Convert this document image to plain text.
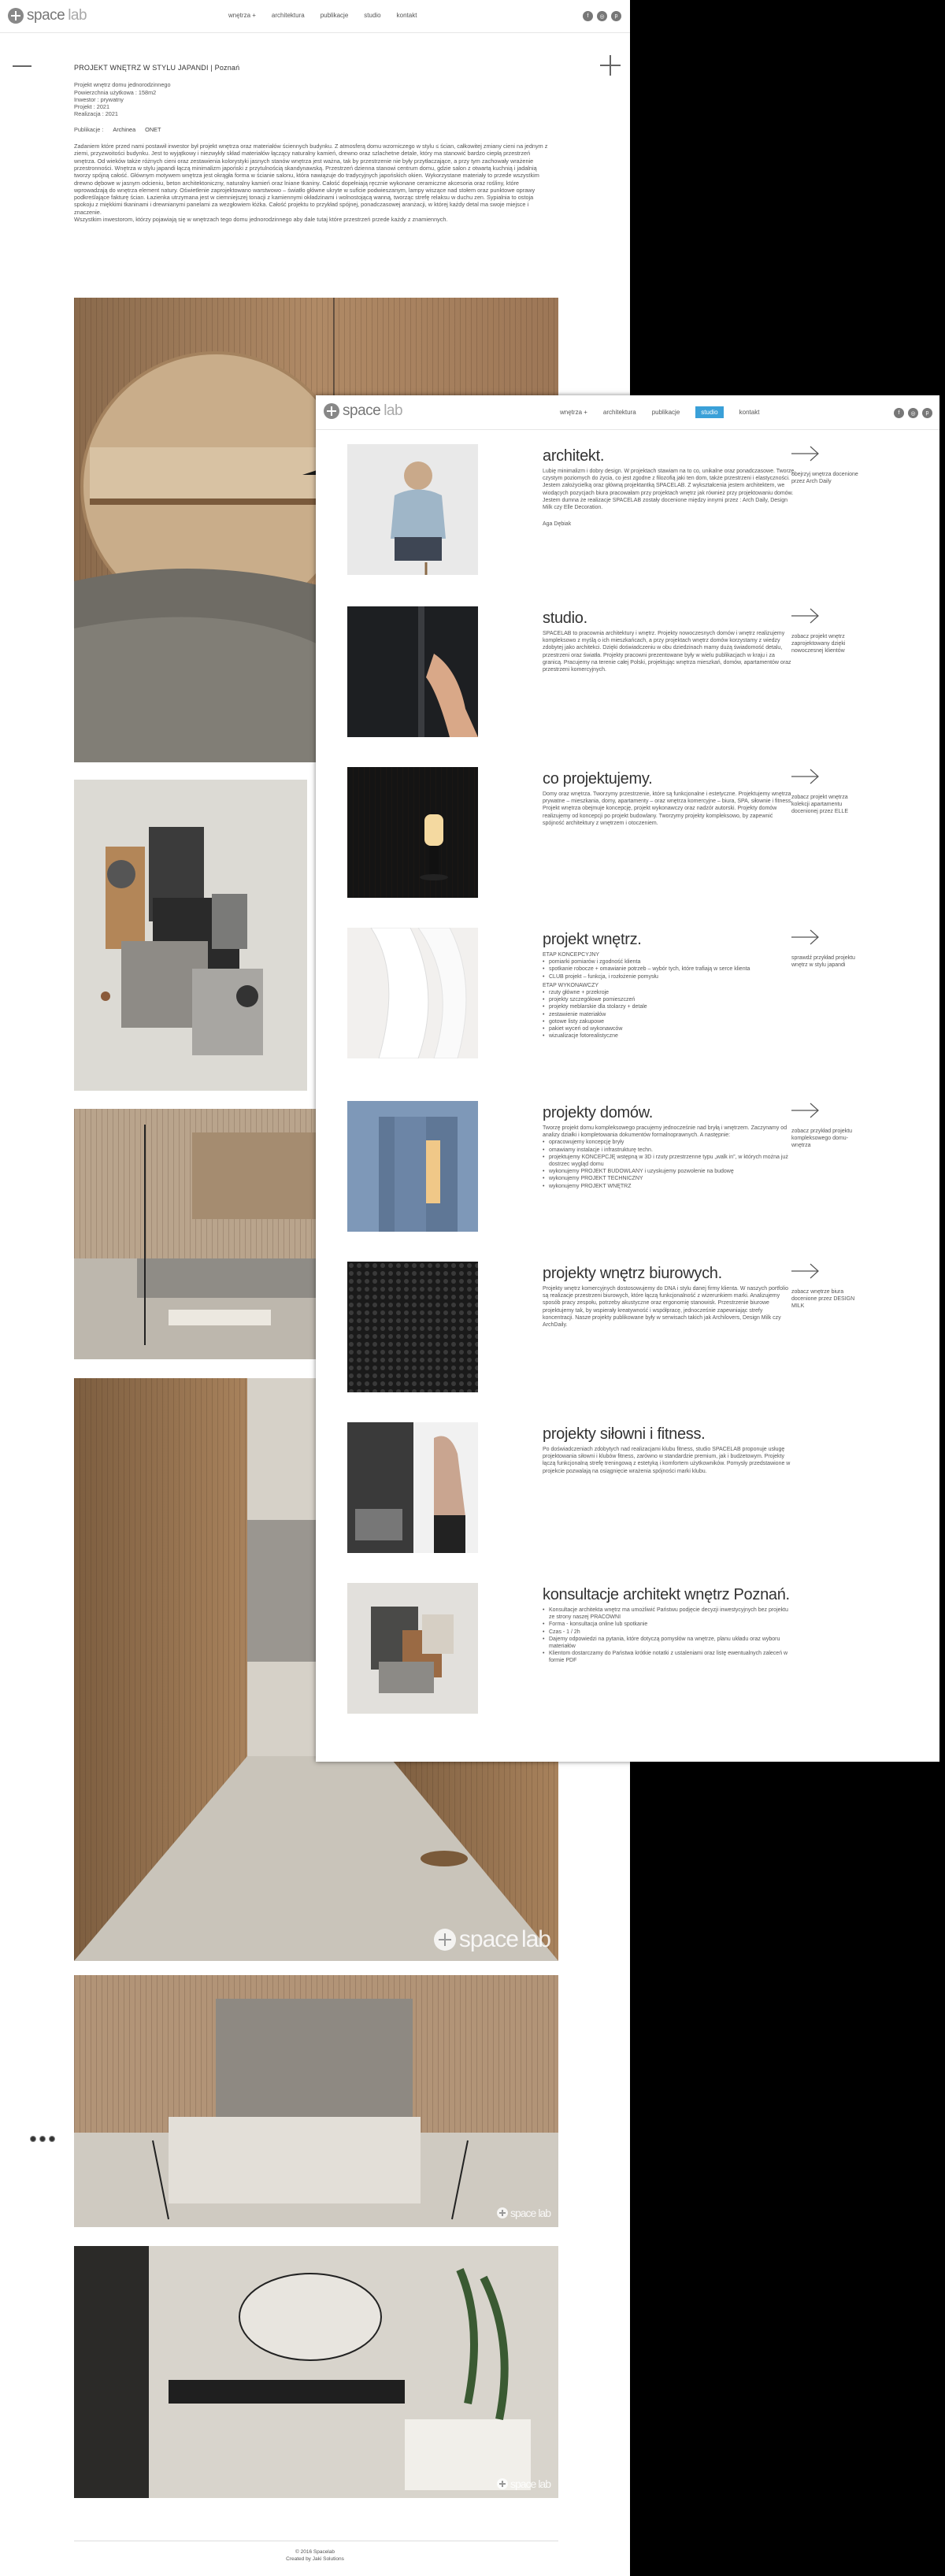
space lab	wnętrza +	architektura	publikacje	studio	kontakt	f	◎	p
PROJEKT WNĘTRZ W STYLU JAPANDI | Poznań
Projekt wnętrz domu jednorodzinnego
Powierzchnia użytkowa : 158m2
Inwestor : prywatny
Projekt : 2021
Realizacja : 2021
Publikacje : Archinea ONET

Zadaniem które przed nami postawił inwestor był projekt wnętrza oraz materiałów ściennych budynku. Z atmosferą domu wzorniczego w stylu ≤ ścian, całkowitej zmiany cieni na jednym z ziemi, przyzwoitości budynku. Jest to wyjątkowy i niezwykły skład materiałów łączący naturalny kamień, drewno oraz szlachetne detale, który ma stanowić bardzo ciepłą przestrzeń wnętrza. Od wieków także różnych cieni oraz zestawienia kolorystyki jasnych stanów wnętrza jest ważna, tak by przestrzenie nie były przytłaczające, a przy tym zachowały wrażenie przestronności. Wnętrza w stylu japandi łączą minimalizm japoński z przytulnością skandynawską. Przestrzeń dzienna stanowi centrum domu, gdzie salon z otwartą kuchnią i jadalnią tworzy spójną całość. Głównym motywem wnętrza jest okrągła forma w ścianie salonu, która nawiązuje do tradycyjnych japońskich okien. Wykorzystane materiały to przede wszystkim drewno dębowe w jasnym odcieniu, beton architektoniczny, naturalny kamień oraz lniane tkaniny. Całość dopełniają ręcznie wykonane ceramiczne akcesoria oraz rośliny, które wprowadzają do wnętrza element natury. Oświetlenie zaprojektowano warstwowo – światło główne ukryte w suficie podwieszanym, lampy wiszące nad stołem oraz punktowe oprawy podkreślające fakturę ścian. Łazienka utrzymana jest w ciemniejszej tonacji z kamiennymi okładzinami i wolnostojącą wanną, tworząc strefę relaksu w duchu zen. Sypialnia to ostoja spokoju z miękkimi tkaninami i drewnianymi panelami za wezgłowiem łóżka. Całość projektu to przykład spójnej, ponadczasowej aranżacji, w której każdy detal ma swoje miejsce i znaczenie.

Wszystkim inwestorom, którzy pojawiają się w wnętrzach tego domu jednorodzinnego aby dale tutaj które przestrzeń przede każdy z znamiennych.

space lab
space lab
space lab
© 2016 Spacelab
Created by Jaki Solutions
space lab	wnętrza +	architektura	publikacje	studio	kontakt	f	◎	p
architekt.
Lubię minimalizm i dobry design. W projektach stawiam na to co, unikalne oraz ponadczasowe. Tworzę czystym poziomych do życia, co jest zgodne z filozofią jaki ten dom, także przestrzeni i elastyczności. Jestem założycielką oraz główną projektantką SPACELAB. Z wykształcenia jestem architektem, we wiodących pozycjach biura pracowałam przy projektach wnętrz jak również przy projektowaniu domów. Jestem dumna że realizacje SPACELAB zostały docenione między innymi przez : Arch Daily, Design Milk czy Elle Decoration.
Aga Dębiak
obejrzyj wnętrza docenione przez Arch Daily
studio.
SPACELAB to pracownia architektury i wnętrz. Projekty nowoczesnych domów i wnętrz realizujemy kompleksowo z myślą o ich mieszkańcach, a przy projektach wnętrz domów korzystamy z wiedzy zdobytej jako architekci. Dzięki doświadczeniu w obu dziedzinach mamy dużą świadomość detalu, przestrzeni oraz światła. Projekty pracowni prezentowane były w wielu publikacjach w kraju i za granicą. Pracujemy na terenie całej Polski, projektując wnętrza mieszkań, domów, apartamentów oraz przestrzeni komercyjnych.
zobacz projekt wnętrz zaprojektowany dzięki nowoczesnej klientów
co projektujemy.
Domy oraz wnętrza. Tworzymy przestrzenie, które są funkcjonalne i estetyczne. Projektujemy wnętrza prywatne – mieszkania, domy, apartamenty – oraz wnętrza komercyjne – biura, SPA, siłownie i fitness. Projekt wnętrza obejmuje koncepcję, projekt wykonawczy oraz nadzór autorski. Projekty domów realizujemy od koncepcji po projekt budowlany. Tworzymy projekty kompleksowo, by zapewnić spójność architektury z wnętrzem i otoczeniem.
zobacz projekt wnętrza kolekcji apartamentu docenionej przez ELLE
projekt wnętrz.
ETAP KONCEPCYJNY
• pomiarki pomiarów i zgodność klienta
• spotkanie robocze + omawianie potrzeb – wybór tych, które trafiają w serce klienta
• CLUB projekt – funkcja, i rozłożenie pomysłu
ETAP WYKONAWCZY
• rzuty główne + przekroje
• projekty szczegółowe pomieszczeń
• projekty meblarskie dla stolarzy + detale
• zestawienie materiałów
• gotowe listy zakupowe
• pakiet wyceń od wykonawców
• wizualizacje fotorealistyczne
sprawdź przykład projektu wnętrz w stylu japandi
projekty domów.
Tworzę projekt domu kompleksowego pracujemy jednocześnie nad bryłą i wnętrzem. Zaczynamy od analizy działki i kompletowania dokumentów formalnoprawnych. A następnie:
• opracowujemy koncepcję bryły
• omawiamy instalacje i infrastrukturę techn.
• projektujemy KONCEPCJĘ wstępną w 3D i rzuty przestrzenne typu „walk in”, w których można już dostrzec wygląd domu
• wykonujemy PROJEKT BUDOWLANY i uzyskujemy pozwolenie na budowę
• wykonujemy PROJEKT TECHNICZNY
• wykonujemy PROJEKT WNĘTRZ
zobacz przykład projektu kompleksowego domu-wnętrza
projekty wnętrz biurowych.
Projekty wnętrz komercyjnych dostosowujemy do DNA i stylu danej firmy klienta. W naszych portfolio są realizacje przestrzeni biurowych, które łączą funkcjonalność z wizerunkiem marki. Analizujemy sposób pracy zespołu, potrzeby akustyczne oraz ergonomię stanowisk. Przestrzenie biurowe projektujemy tak, by wspierały kreatywność i współpracę, jednocześnie zapewniając strefy koncentracji. Nasze projekty publikowane były w serwisach takich jak Archilovers, Design Milk czy ArchDaily.
zobacz wnętrze biura docenione przez DESIGN MILK
projekty siłowni i fitness.
Po doświadczeniach zdobytych nad realizacjami klubu fitness, studio SPACELAB proponuje usługę projektowania siłowni i klubów fitness, zarówno w standardzie premium, jak i budżetowym. Projekty łączą funkcjonalną strefę treningową z estetyką i komfortem użytkowników. Pomysły przedstawione w projekcie pozwalają na osiągnięcie wrażenia spójności marki klubu.
konsultacje architekt wnętrz Poznań.
• Konsultacje architekta wnętrz ma umożliwić Państwu podjęcie decyzji inwestycyjnych bez projektu ze strony naszej PRACOWNI
• Forma - konsultacja online lub spotkanie
• Czas - 1 / 2h
• Dajemy odpowiedzi na pytania, które dotyczą pomysłów na wnętrze, planu układu oraz wyboru materiałów
• Klientom dostarczamy do Państwa krótkie notatki z ustaleniami oraz listę ewentualnych zaleceń w formie PDF
